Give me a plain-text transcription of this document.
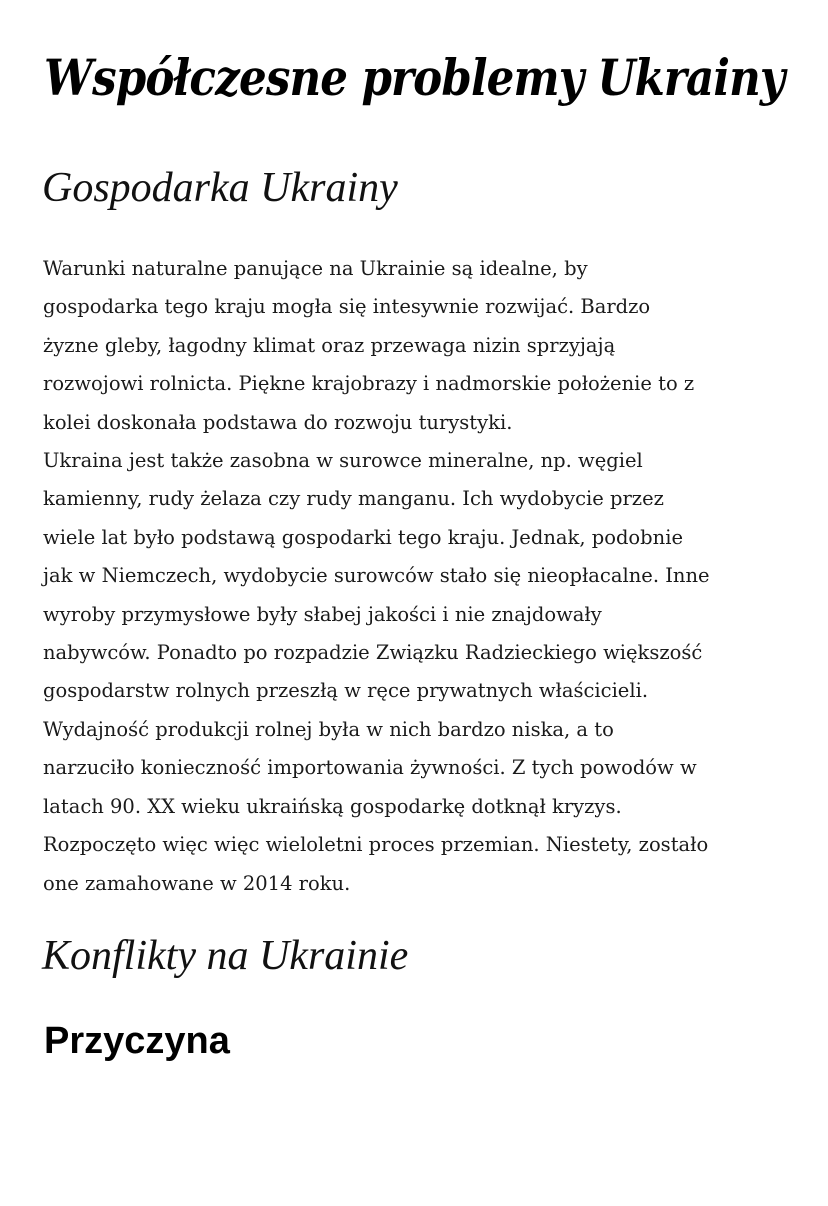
Współczesne problemy Ukrainy
Gospodarka Ukrainy
Warunki naturalne panujące na Ukrainie są idealne, by
gospodarka tego kraju mogła się intesywnie rozwijać. Bardzo
żyzne gleby, łagodny klimat oraz przewaga nizin sprzyjają
rozwojowi rolnicta. Piękne krajobrazy i nadmorskie położenie to z
kolei doskonała podstawa do rozwoju turystyki.
Ukraina jest także zasobna w surowce mineralne, np. węgiel
kamienny, rudy żelaza czy rudy manganu. Ich wydobycie przez
wiele lat było podstawą gospodarki tego kraju. Jednak, podobnie
jak w Niemczech, wydobycie surowców stało się nieopłacalne. Inne
wyroby przymysłowe były słabej jakości i nie znajdowały
nabywców. Ponadto po rozpadzie Związku Radzieckiego większość
gospodarstw rolnych przeszłą w ręce prywatnych właścicieli.
Wydajność produkcji rolnej była w nich bardzo niska, a to
narzuciło konieczność importowania żywności. Z tych powodów w
latach 90. XX wieku ukraińską gospodarkę dotknął kryzys.
Rozpoczęto więc więc wieloletni proces przemian. Niestety, zostało
one zamahowane w 2014 roku.
Konflikty na Ukrainie
Przyczyna
